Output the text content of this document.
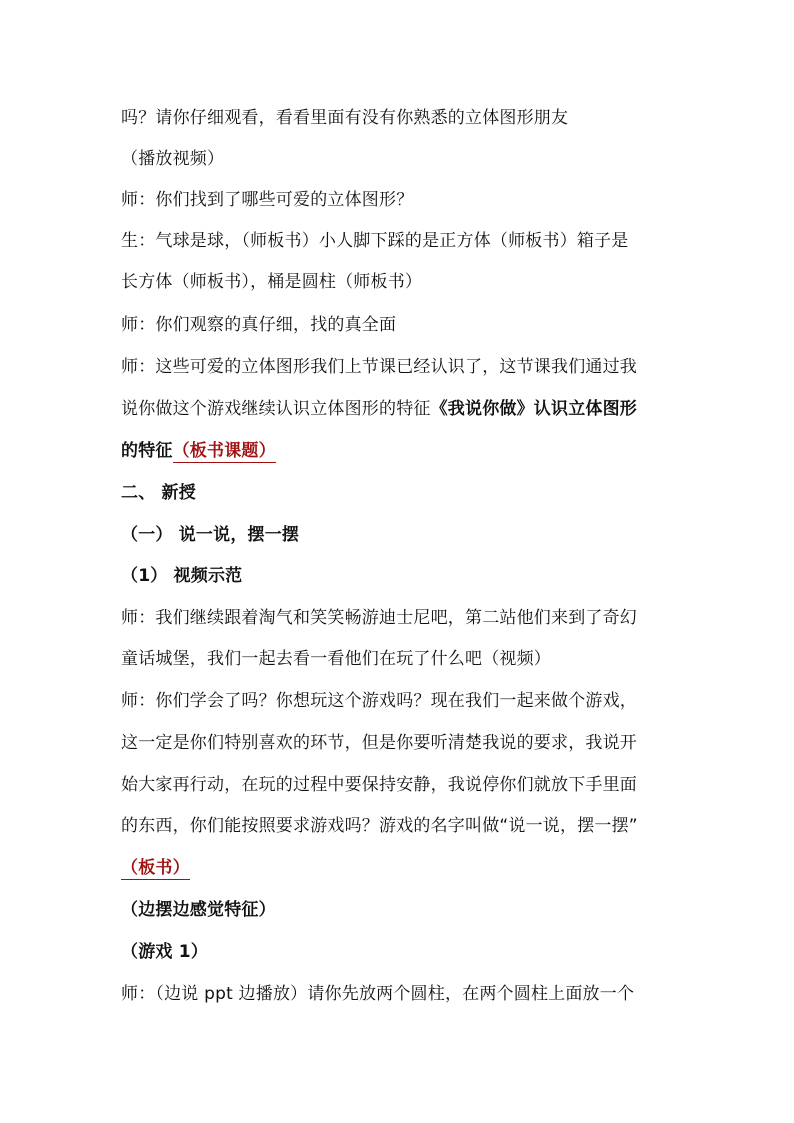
吗？请你仔细观看，看看里面有没有你熟悉的立体图形朋友
（播放视频）
师：你们找到了哪些可爱的立体图形？
生：气球是球，（师板书）小人脚下踩的是正方体（师板书）箱子是
长方体（师板书），桶是圆柱（师板书）
师：你们观察的真仔细，找的真全面
师：这些可爱的立体图形我们上节课已经认识了，这节课我们通过我
说你做这个游戏继续认识立体图形的特征《我说你做》认识立体图形
的特征（板书课题）
二、 新授
（一） 说一说，摆一摆
（1） 视频示范
师：我们继续跟着淘气和笑笑畅游迪士尼吧，第二站他们来到了奇幻
童话城堡，我们一起去看一看他们在玩了什么吧（视频）
师：你们学会了吗？你想玩这个游戏吗？现在我们一起来做个游戏，
这一定是你们特别喜欢的环节，但是你要听清楚我说的要求，我说开
始大家再行动，在玩的过程中要保持安静，我说停你们就放下手里面
的东西，你们能按照要求游戏吗？游戏的名字叫做“说一说，摆一摆”
（板书）
（边摆边感觉特征）
（游戏 1）
师：（边说 ppt 边播放）请你先放两个圆柱，在两个圆柱上面放一个
